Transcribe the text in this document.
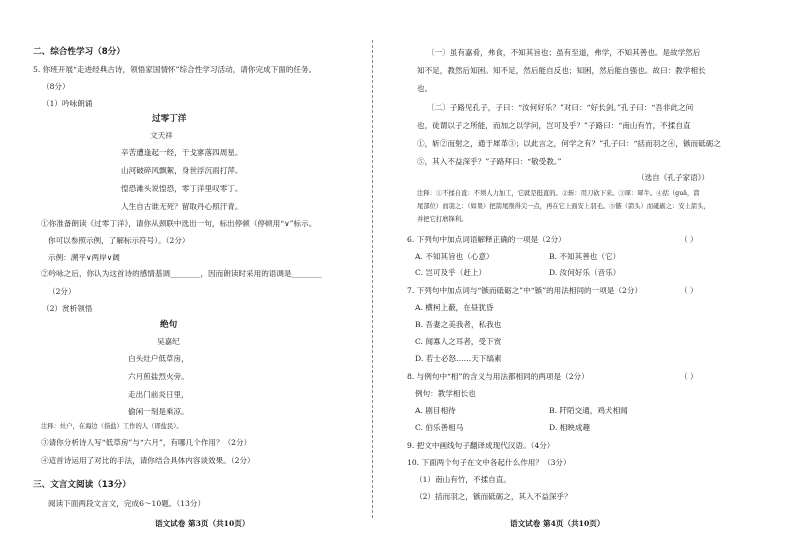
二、综合性学习（8分）
5. 你班开展“走进经典古诗，领悟家国情怀”综合性学习活动，请你完成下面的任务。
（8分）
（1）吟咏朗诵
过零丁洋
文天祥
辛苦遭逢起一经，干戈寥落四周星。
山河破碎风飘絮，身世浮沉雨打萍。
惶恐滩头说惶恐，零丁洋里叹零丁。
人生自古谁无死？留取丹心照汗青。
①你准备朗读《过零丁洋》，请你从颈联中选出一句，标出停顿（停顿用“∨”标示。
你可以参照示例，了解标示符号）。（2分）
示例：溯平∨两岸∨阔
②吟咏之后，你认为这首诗的感情基调________，因而朗读时采用的语调是________
（2分）
（2）赏析领悟
绝句
吴嘉纪
白头灶户低草房，
六月煎盐烈火旁。
走出门前炎日里，
偷闲一刻是乘凉。
注释：灶户，在海边（指盐）工作的人（即盐民）。
③请你分析诗人写“低草房”与“六月”，有哪几个作用？（2分）
④這首诗运用了对比的手法，请你结合具体内容谈效果。（2分）
三、文言文阅读（13分）
阅读下面两段文言文，完成6～10题。（13分）
语文试卷 第3页（共10页）
〔一〕虽有嘉肴，弗食，不知其旨也；虽有至道，弗学，不知其善也。是故学然后
知不足，教然后知困。知不足，然后能自反也；知困，然后能自强也。故曰：教学相长
也。
〔二〕子路见孔子，子曰：“汝何好乐？”对曰：“好长剑。”孔子曰：“吾非此之问
也，徒谓以子之所能，而加之以学问，岂可及乎？”子路曰：“南山有竹，不揉自直
①，斩②而射之，通于犀革③；以此言之，何学之有？”孔子曰：“括而羽之④，镞而砥砺之
⑤，其入不益深乎？”子路拜曰：“敬受教。”
（选自《孔子家语》）
注释：①不揉自直：不须人力加工，它就是挺直的。②斩：用刀砍下来。③犀：犀牛。④括（guā，箭
尾部位）而羽之：（如果）把箭尾削得尖一点，再在它上面安上羽毛。⑤镞（箭头）而砥砺之：安上箭头，
并把它打磨锋利。
6. 下列句中加点词语解释正确的一项是（2分）	（ ）
A. 不知其旨也（心意）	B. 不知其善也（它）
C. 岂可及乎（赶上）	D. 汝何好乐（音乐）
7. 下列句中加点词与“镞而砥砺之”中“镞”的用法相同的一项是（2分）	（ ）
A. 横柯上蔽，在昼犹昏
B. 吾妻之美我者，私我也
C. 闻寡人之耳者，受下赏
D. 若士必怒……天下缟素
8. 与例句中“相”的含义与用法都相同的两项是（2分）	（ ）
例句：教学相长也
A. 剧目相待	B. 阡陌交通，鸡犬相闻
C. 伯乐善相马	D. 相映成趣
9. 把文中画线句子翻译成现代汉语。（4分）
10. 下面两个句子在文中各起什么作用？（3分）
（1）南山有竹，不揉自直。
（2）括而羽之，镞而砥砺之，其入不益深乎？
语文试卷 第4页（共10页）
